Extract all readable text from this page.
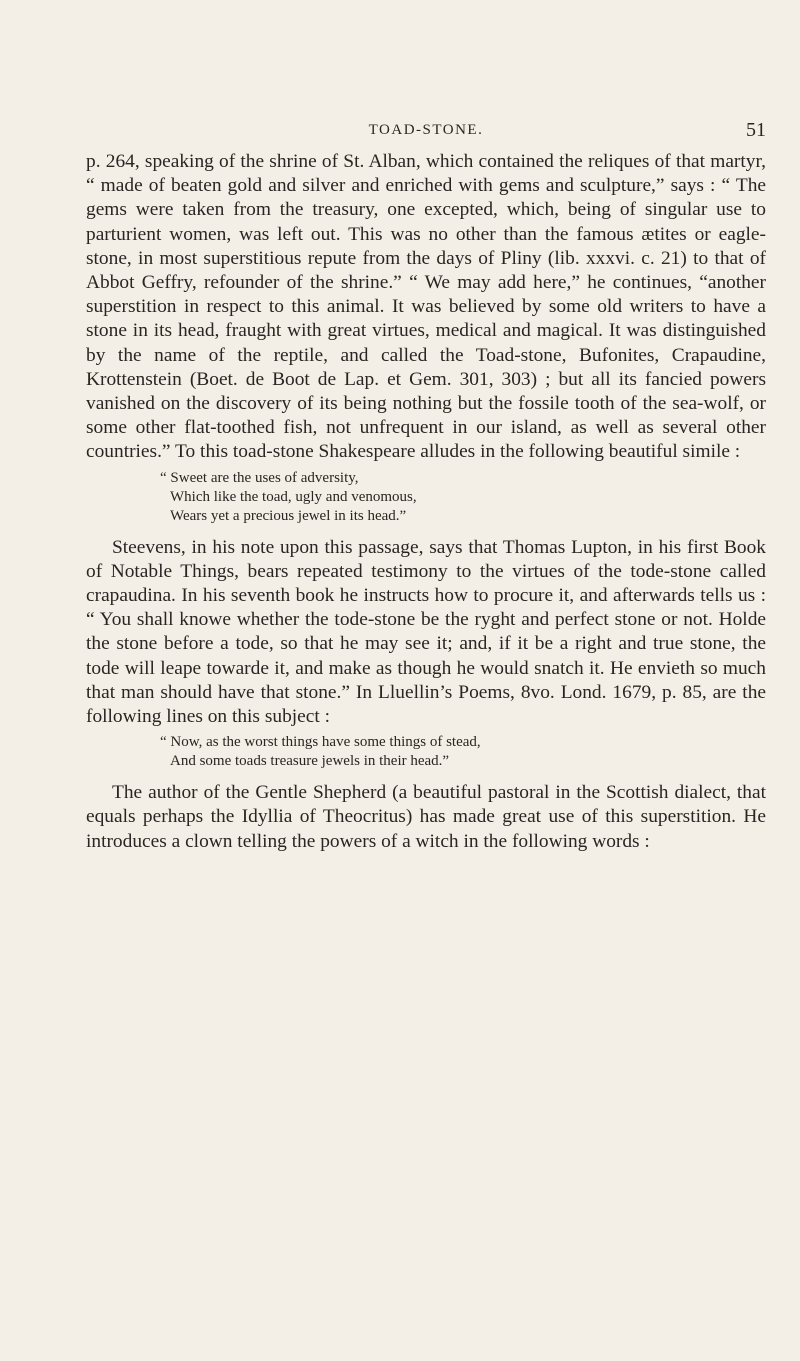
TOAD-STONE.	51

p. 264, speaking of the shrine of St. Alban, which contained the reliques of that martyr, “ made of beaten gold and silver and enriched with gems and sculpture,” says : “ The gems were taken from the treasury, one excepted, which, being of singular use to parturient women, was left out. This was no other than the famous ætites or eagle-stone, in most superstitious repute from the days of Pliny (lib. xxxvi. c. 21) to that of Abbot Geffry, refounder of the shrine.” “ We may add here,” he continues, “another superstition in respect to this animal. It was believed by some old writers to have a stone in its head, fraught with great virtues, medical and magical. It was distinguished by the name of the reptile, and called the Toad-stone, Bufonites, Crapaudine, Krottenstein (Boet. de Boot de Lap. et Gem. 301, 303) ; but all its fancied powers vanished on the discovery of its being nothing but the fossile tooth of the sea-wolf, or some other flat-toothed fish, not unfrequent in our island, as well as several other countries.” To this toad-stone Shakespeare alludes in the following beautiful simile :

“ Sweet are the uses of adversity,
Which like the toad, ugly and venomous,
Wears yet a precious jewel in its head.”

Steevens, in his note upon this passage, says that Thomas Lupton, in his first Book of Notable Things, bears repeated testimony to the virtues of the tode-stone called crapaudina. In his seventh book he instructs how to procure it, and afterwards tells us : “ You shall knowe whether the tode-stone be the ryght and perfect stone or not. Holde the stone before a tode, so that he may see it; and, if it be a right and true stone, the tode will leape towarde it, and make as though he would snatch it. He envieth so much that man should have that stone.” In Lluellin’s Poems, 8vo. Lond. 1679, p. 85, are the following lines on this subject :

“ Now, as the worst things have some things of stead,
And some toads treasure jewels in their head.”

The author of the Gentle Shepherd (a beautiful pastoral in the Scottish dialect, that equals perhaps the Idyllia of Theocritus) has made great use of this superstition. He introduces a clown telling the powers of a witch in the following words :
